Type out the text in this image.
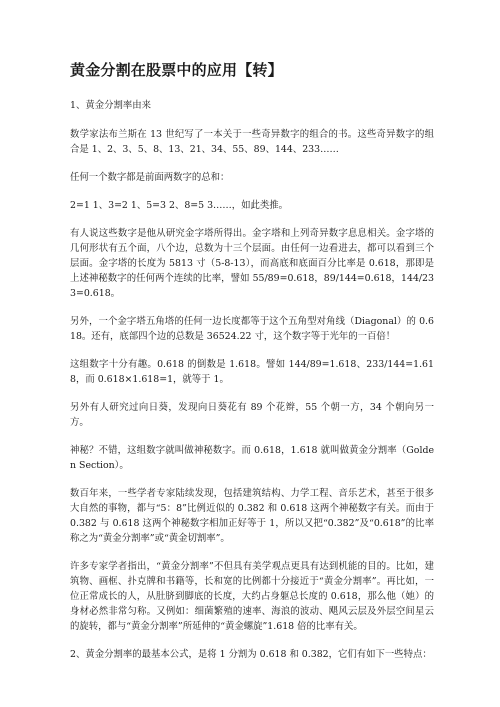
黄金分割在股票中的应用【转】

1、黄金分割率由来

数学家法布兰斯在 13 世纪写了一本关于一些奇异数字的组合的书。这些奇异数字的组合是 1、2、3、5、8、13、21、34、55、89、144、233……

任何一个数字都是前面两数字的总和：

2=1 1、3=2 1、5=3 2、8=5 3……，如此类推。

有人说这些数字是他从研究金字塔所得出。金字塔和上列奇异数字息息相关。金字塔的几何形状有五个面，八个边，总数为十三个层面。由任何一边看进去，都可以看到三个层面。金字塔的长度为 5813 寸（5-8-13），而高底和底面百分比率是 0.618，那即是上述神秘数字的任何两个连续的比率，譬如 55/89=0.618，89/144=0.618，144/233=0.618。

另外，一个金字塔五角塔的任何一边长度都等于这个五角型对角线（Diagonal）的 0.618。还有，底部四个边的总数是 36524.22 寸，这个数字等于光年的一百倍！

这组数字十分有趣。0.618 的倒数是 1.618。譬如 144/89=1.618、233/144=1.618，而 0.618×1.618=1，就等于 1。

另外有人研究过向日葵，发现向日葵花有 89 个花辫，55 个朝一方，34 个朝向另一方。

神秘？不错，这组数字就叫做神秘数字。而 0.618，1.618 就叫做黄金分割率（Golden Section）。

数百年来，一些学者专家陆续发现，包括建筑结构、力学工程、音乐艺术，甚至于很多大自然的事物，都与“5：8”比例近似的 0.382 和 0.618 这两个神秘数字有关。而由于 0.382 与 0.618 这两个神秘数字相加正好等于 1，所以又把“0.382”及“0.618”的比率称之为“黄金分割率”或“黄金切割率”。

许多专家学者指出，“黄金分割率”不但具有美学观点更具有达到机能的目的。比如，建筑物、画框、扑克牌和书籍等，长和宽的比例都十分接近于“黄金分割率”。再比如，一位正常成长的人，从肚脐到脚底的长度，大约占身躯总长度的 0.618，那么他（她）的身材必然非常匀称。又例如：细菌繁殖的速率、海浪的波动、飓风云层及外层空间星云的旋转，都与“黄金分割率”所延伸的“黄金螺旋”1.618 倍的比率有关。

2、黄金分割率的最基本公式，是将 1 分割为 0.618 和 0.382，它们有如下一些特点：
